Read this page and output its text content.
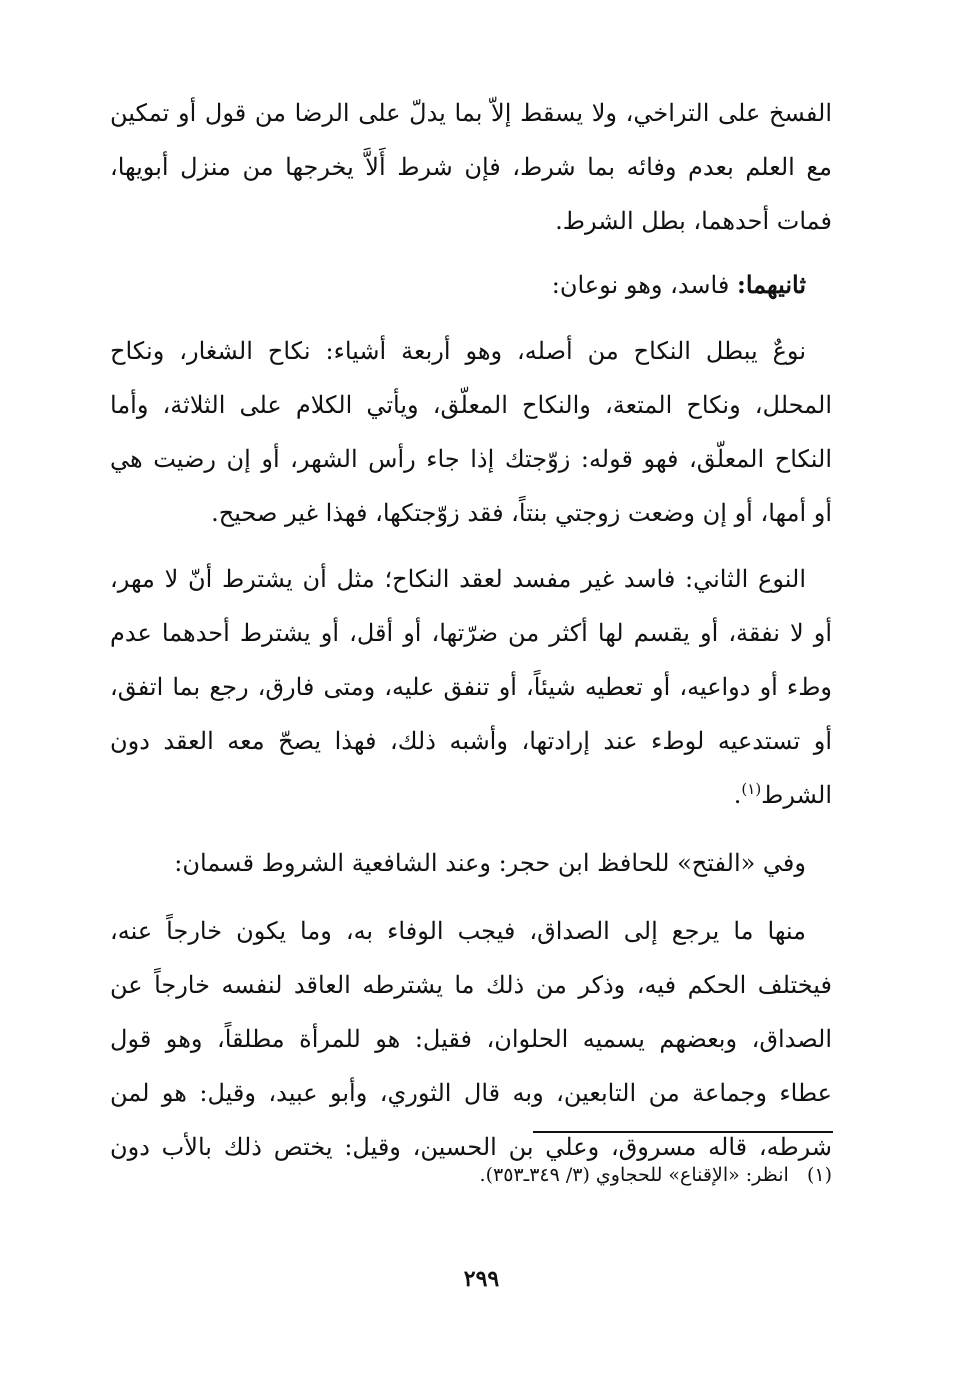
الفسخ على التراخي، ولا يسقط إلاّ بما يدلّ على الرضا من قول أو تمكين
مع العلم بعدم وفائه بما شرط، فإن شرط أَلاَّ يخرجها من منزل أبويها،
فمات أحدهما، بطل الشرط.

ثانيهما: فاسد، وهو نوعان:

نوعٌ يبطل النكاح من أصله، وهو أربعة أشياء: نكاح الشغار، ونكاح
المحلل، ونكاح المتعة، والنكاح المعلّق، ويأتي الكلام على الثلاثة، وأما
النكاح المعلّق، فهو قوله: زوّجتك إذا جاء رأس الشهر، أو إن رضيت هي
أو أمها، أو إن وضعت زوجتي بنتاً، فقد زوّجتكها، فهذا غير صحيح.

النوع الثاني: فاسد غير مفسد لعقد النكاح؛ مثل أن يشترط أنّ لا مهر،
أو لا نفقة، أو يقسم لها أكثر من ضرّتها، أو أقل، أو يشترط أحدهما عدم
وطء أو دواعيه، أو تعطيه شيئاً، أو تنفق عليه، ومتى فارق، رجع بما اتفق،
أو تستدعيه لوطء عند إرادتها، وأشبه ذلك، فهذا يصحّ معه العقد دون
الشرط$^{(١)}$.

وفي «الفتح» للحافظ ابن حجر: وعند الشافعية الشروط قسمان:

منها ما يرجع إلى الصداق، فيجب الوفاء به، وما يكون خارجاً عنه،
فيختلف الحكم فيه، وذكر من ذلك ما يشترطه العاقد لنفسه خارجاً عن
الصداق، وبعضهم يسميه الحلوان، فقيل: هو للمرأة مطلقاً، وهو قول
عطاء وجماعة من التابعين، وبه قال الثوري، وأبو عبيد، وقيل: هو لمن
شرطه، قاله مسروق، وعلي بن الحسين، وقيل: يختص ذلك بالأب دون

(١)   انظر: «الإقناع» للحجاوي (٣/ ٣٤٩ـ٣٥٣).
٢٩٩
